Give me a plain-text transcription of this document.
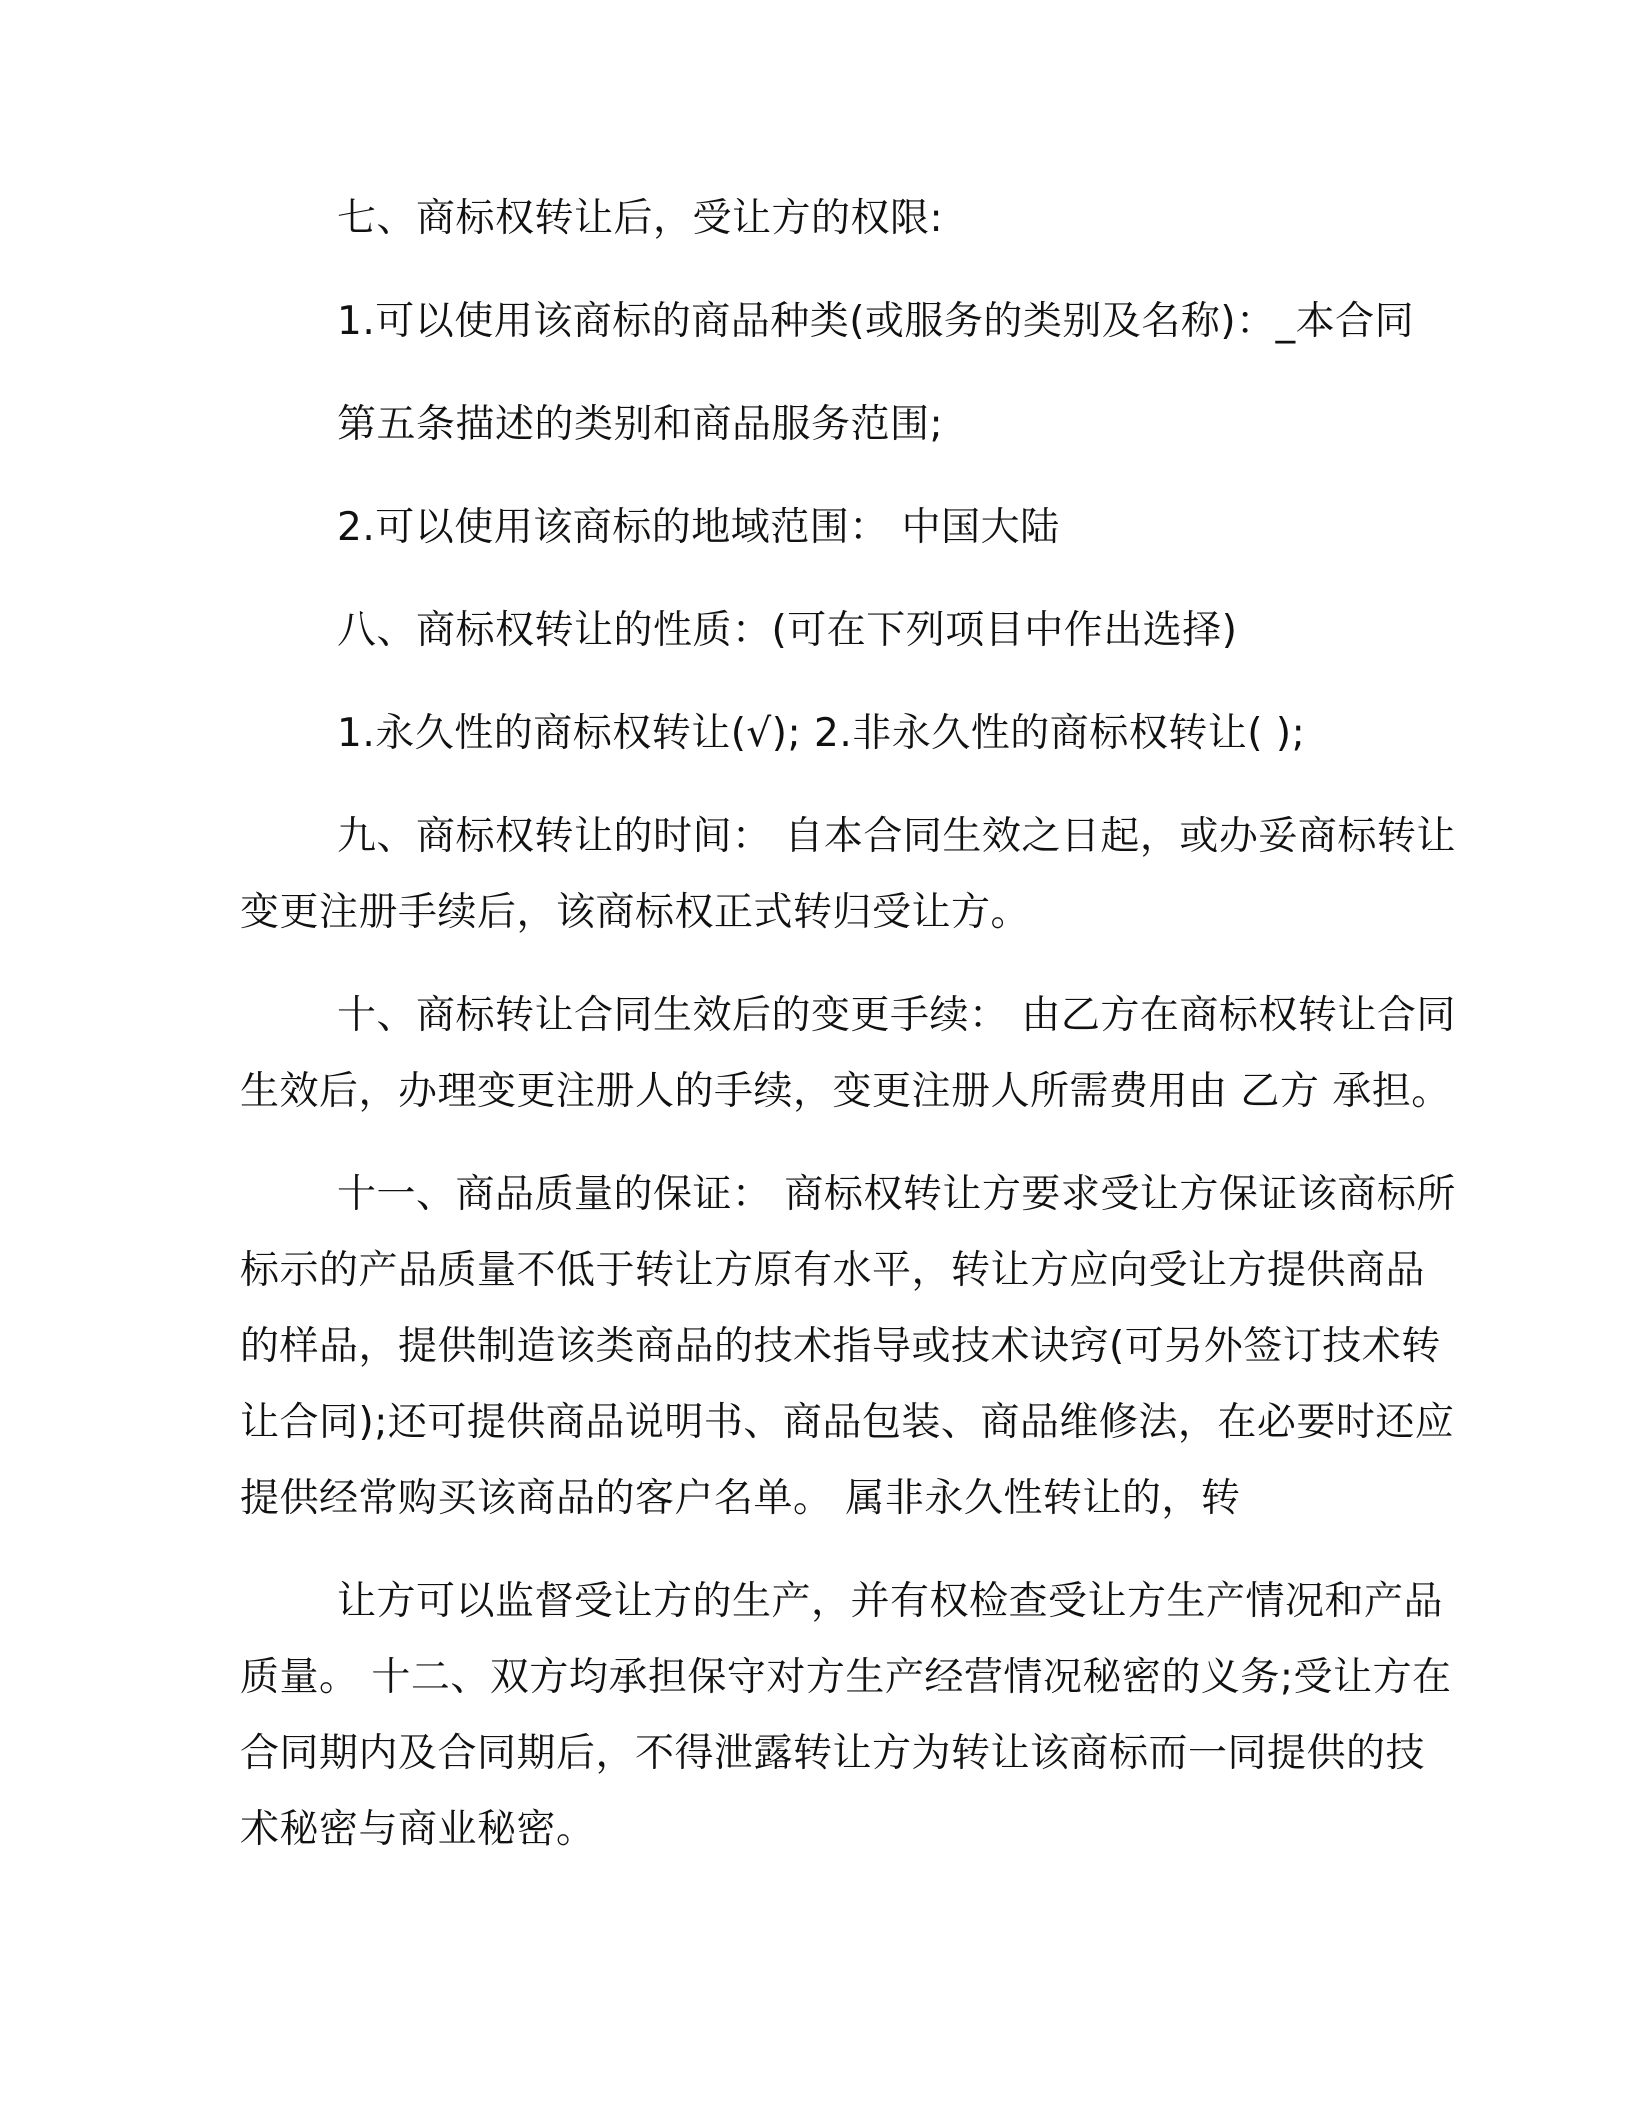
七、商标权转让后，受让方的权限:
1.可以使用该商标的商品种类(或服务的类别及名称)：_本合同
第五条描述的类别和商品服务范围;
2.可以使用该商标的地域范围： 中国大陆
八、商标权转让的性质：(可在下列项目中作出选择)
1.永久性的商标权转让(√); 2.非永久性的商标权转让( );
九、商标权转让的时间： 自本合同生效之日起，或办妥商标转让
变更注册手续后，该商标权正式转归受让方。
十、商标转让合同生效后的变更手续： 由乙方在商标权转让合同
生效后，办理变更注册人的手续，变更注册人所需费用由 乙方 承担。
十一、商品质量的保证： 商标权转让方要求受让方保证该商标所
标示的产品质量不低于转让方原有水平，转让方应向受让方提供商品
的样品，提供制造该类商品的技术指导或技术诀窍(可另外签订技术转
让合同);还可提供商品说明书、商品包装、商品维修法，在必要时还应
提供经常购买该商品的客户名单。 属非永久性转让的，转
让方可以监督受让方的生产，并有权检查受让方生产情况和产品
质量。 十二、双方均承担保守对方生产经营情况秘密的义务;受让方在
合同期内及合同期后，不得泄露转让方为转让该商标而一同提供的技
术秘密与商业秘密。
